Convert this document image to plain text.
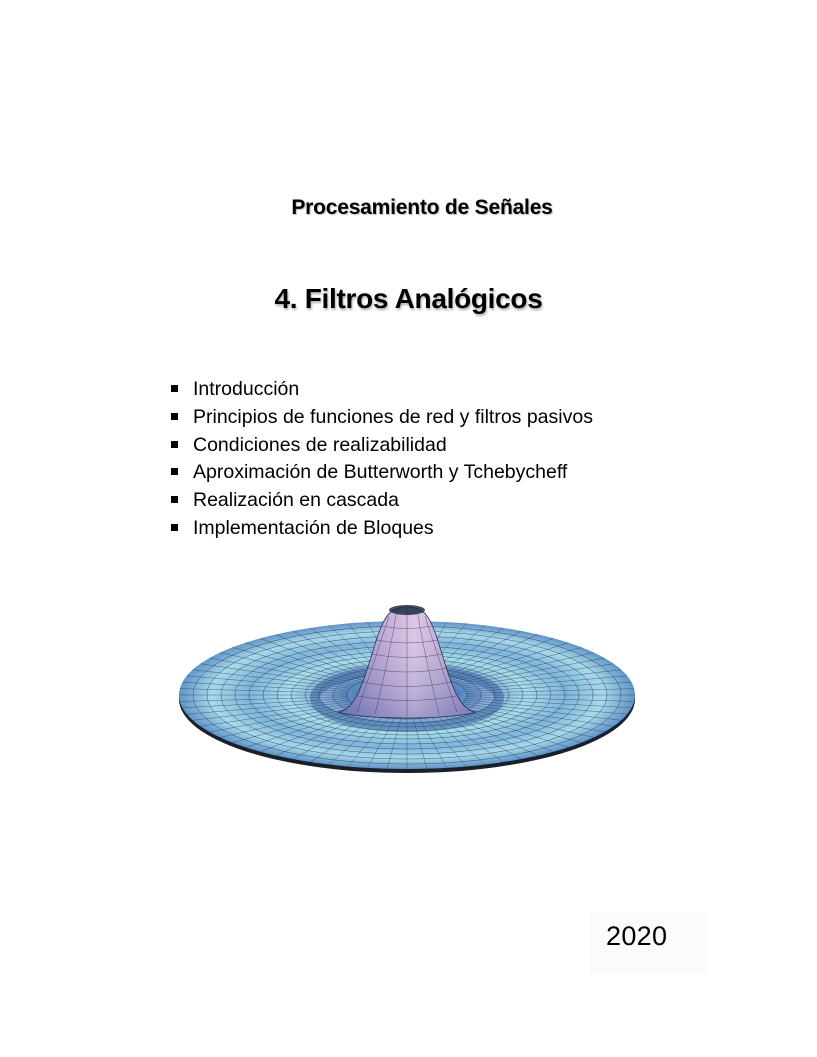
Procesamiento de Señales
4. Filtros Analógicos
Introducción
Principios de funciones de red y filtros pasivos
Condiciones de realizabilidad
Aproximación de Butterworth y Tchebycheff
Realización en cascada
Implementación de Bloques
2020
